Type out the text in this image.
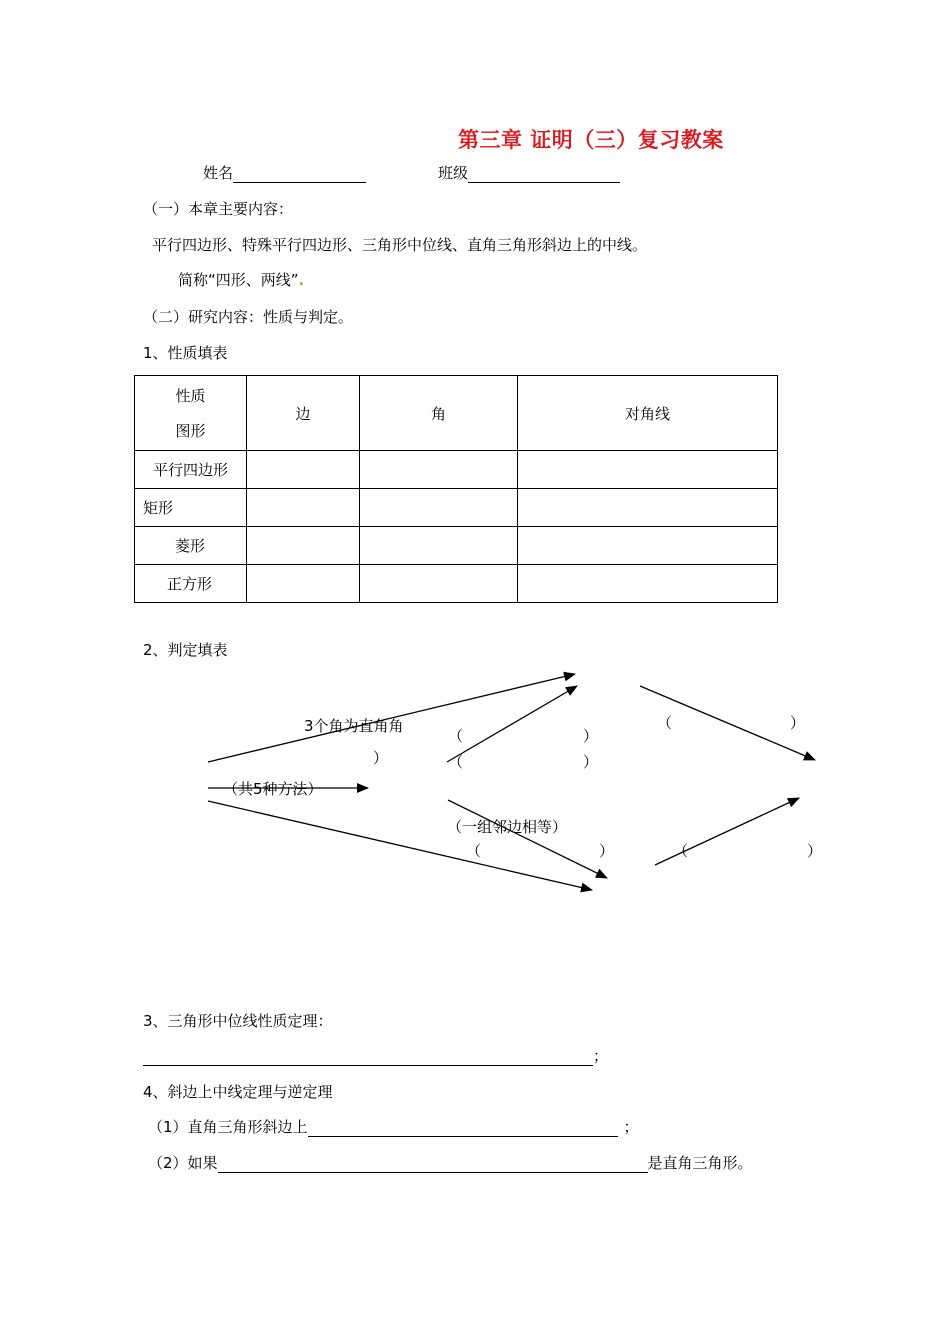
第三章 证明（三）复习教案
姓名	班级
（一）本章主要内容：
平行四边形、特殊平行四边形、三角形中位线、直角三角形斜边上的中线。
简称“四形、两线”.
（二）研究内容：性质与判定。
1、性质填表
性质
图形	边	角	对角线
平行四边形			
矩形			
菱形			
正方形			
2、判定填表
3个角为直角角
）
（共5种方法）
（	）
（	）
（	）
（一组邻边相等）
（	）	（	）
3、三角形中位线性质定理：
；
4、斜边上中线定理与逆定理
（1）直角三角形斜边上	；
（2）如果	是直角三角形。
